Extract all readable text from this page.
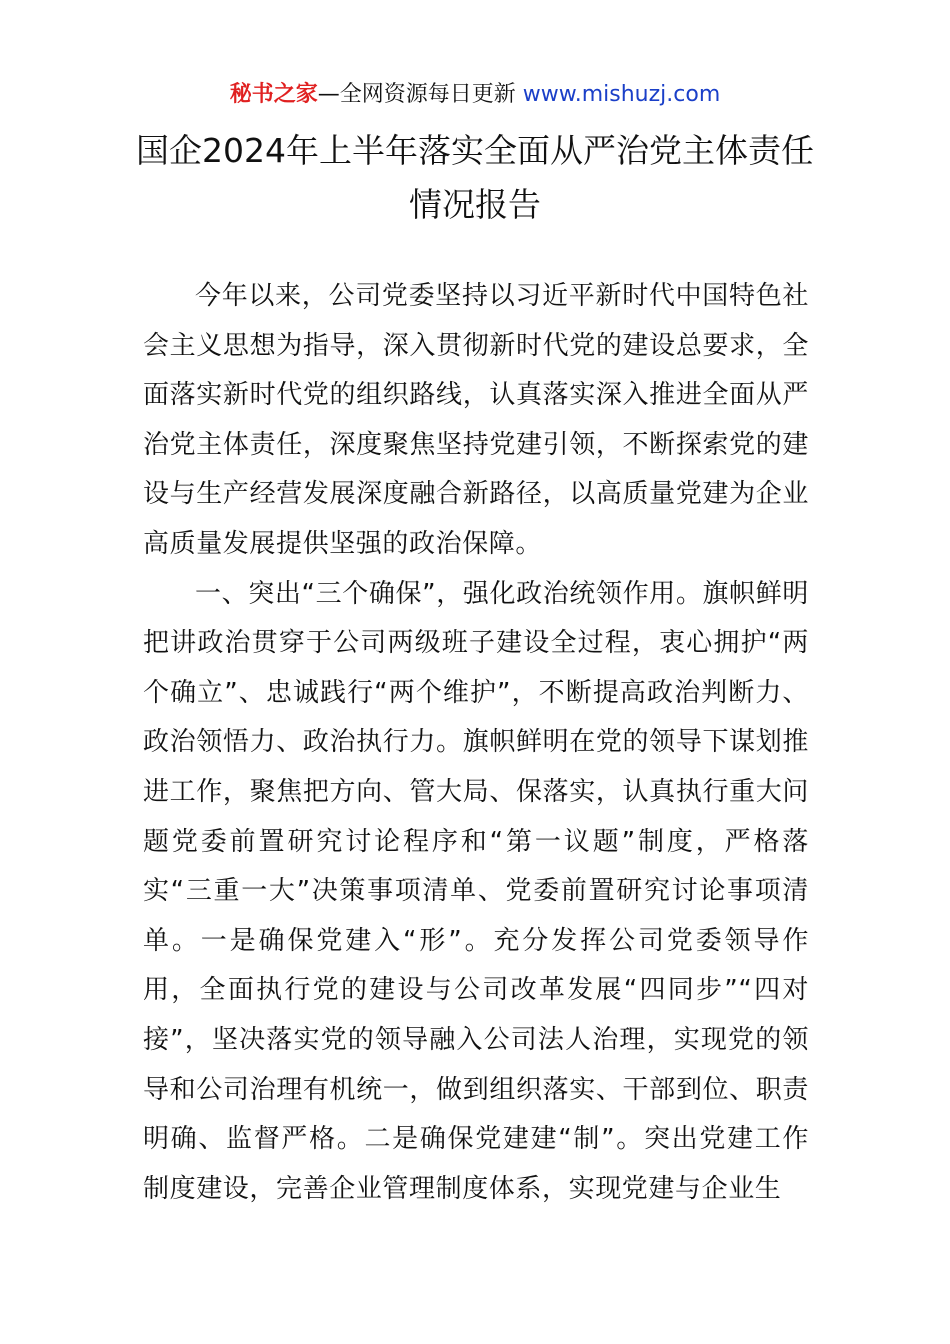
秘书之家—全网资源每日更新 www.mishuzj.com
国企2024年上半年落实全面从严治党主体责任
情况报告

今年以来，公司党委坚持以习近平新时代中国特色社会主义思想为指导，深入贯彻新时代党的建设总要求，全面落实新时代党的组织路线，认真落实深入推进全面从严治党主体责任，深度聚焦坚持党建引领，不断探索党的建设与生产经营发展深度融合新路径，以高质量党建为企业高质量发展提供坚强的政治保障。

一、突出“三个确保”，强化政治统领作用。旗帜鲜明把讲政治贯穿于公司两级班子建设全过程，衷心拥护“两个确立”、忠诚践行“两个维护”，不断提高政治判断力、政治领悟力、政治执行力。旗帜鲜明在党的领导下谋划推进工作，聚焦把方向、管大局、保落实，认真执行重大问题党委前置研究讨论程序和“第一议题”制度，严格落实“三重一大”决策事项清单、党委前置研究讨论事项清单。一是确保党建入“形”。充分发挥公司党委领导作用，全面执行党的建设与公司改革发展“四同步”“四对接”，坚决落实党的领导融入公司法人治理，实现党的领导和公司治理有机统一，做到组织落实、干部到位、职责明确、监督严格。二是确保党建建“制”。突出党建工作制度建设，完善企业管理制度体系，实现党建与企业生
